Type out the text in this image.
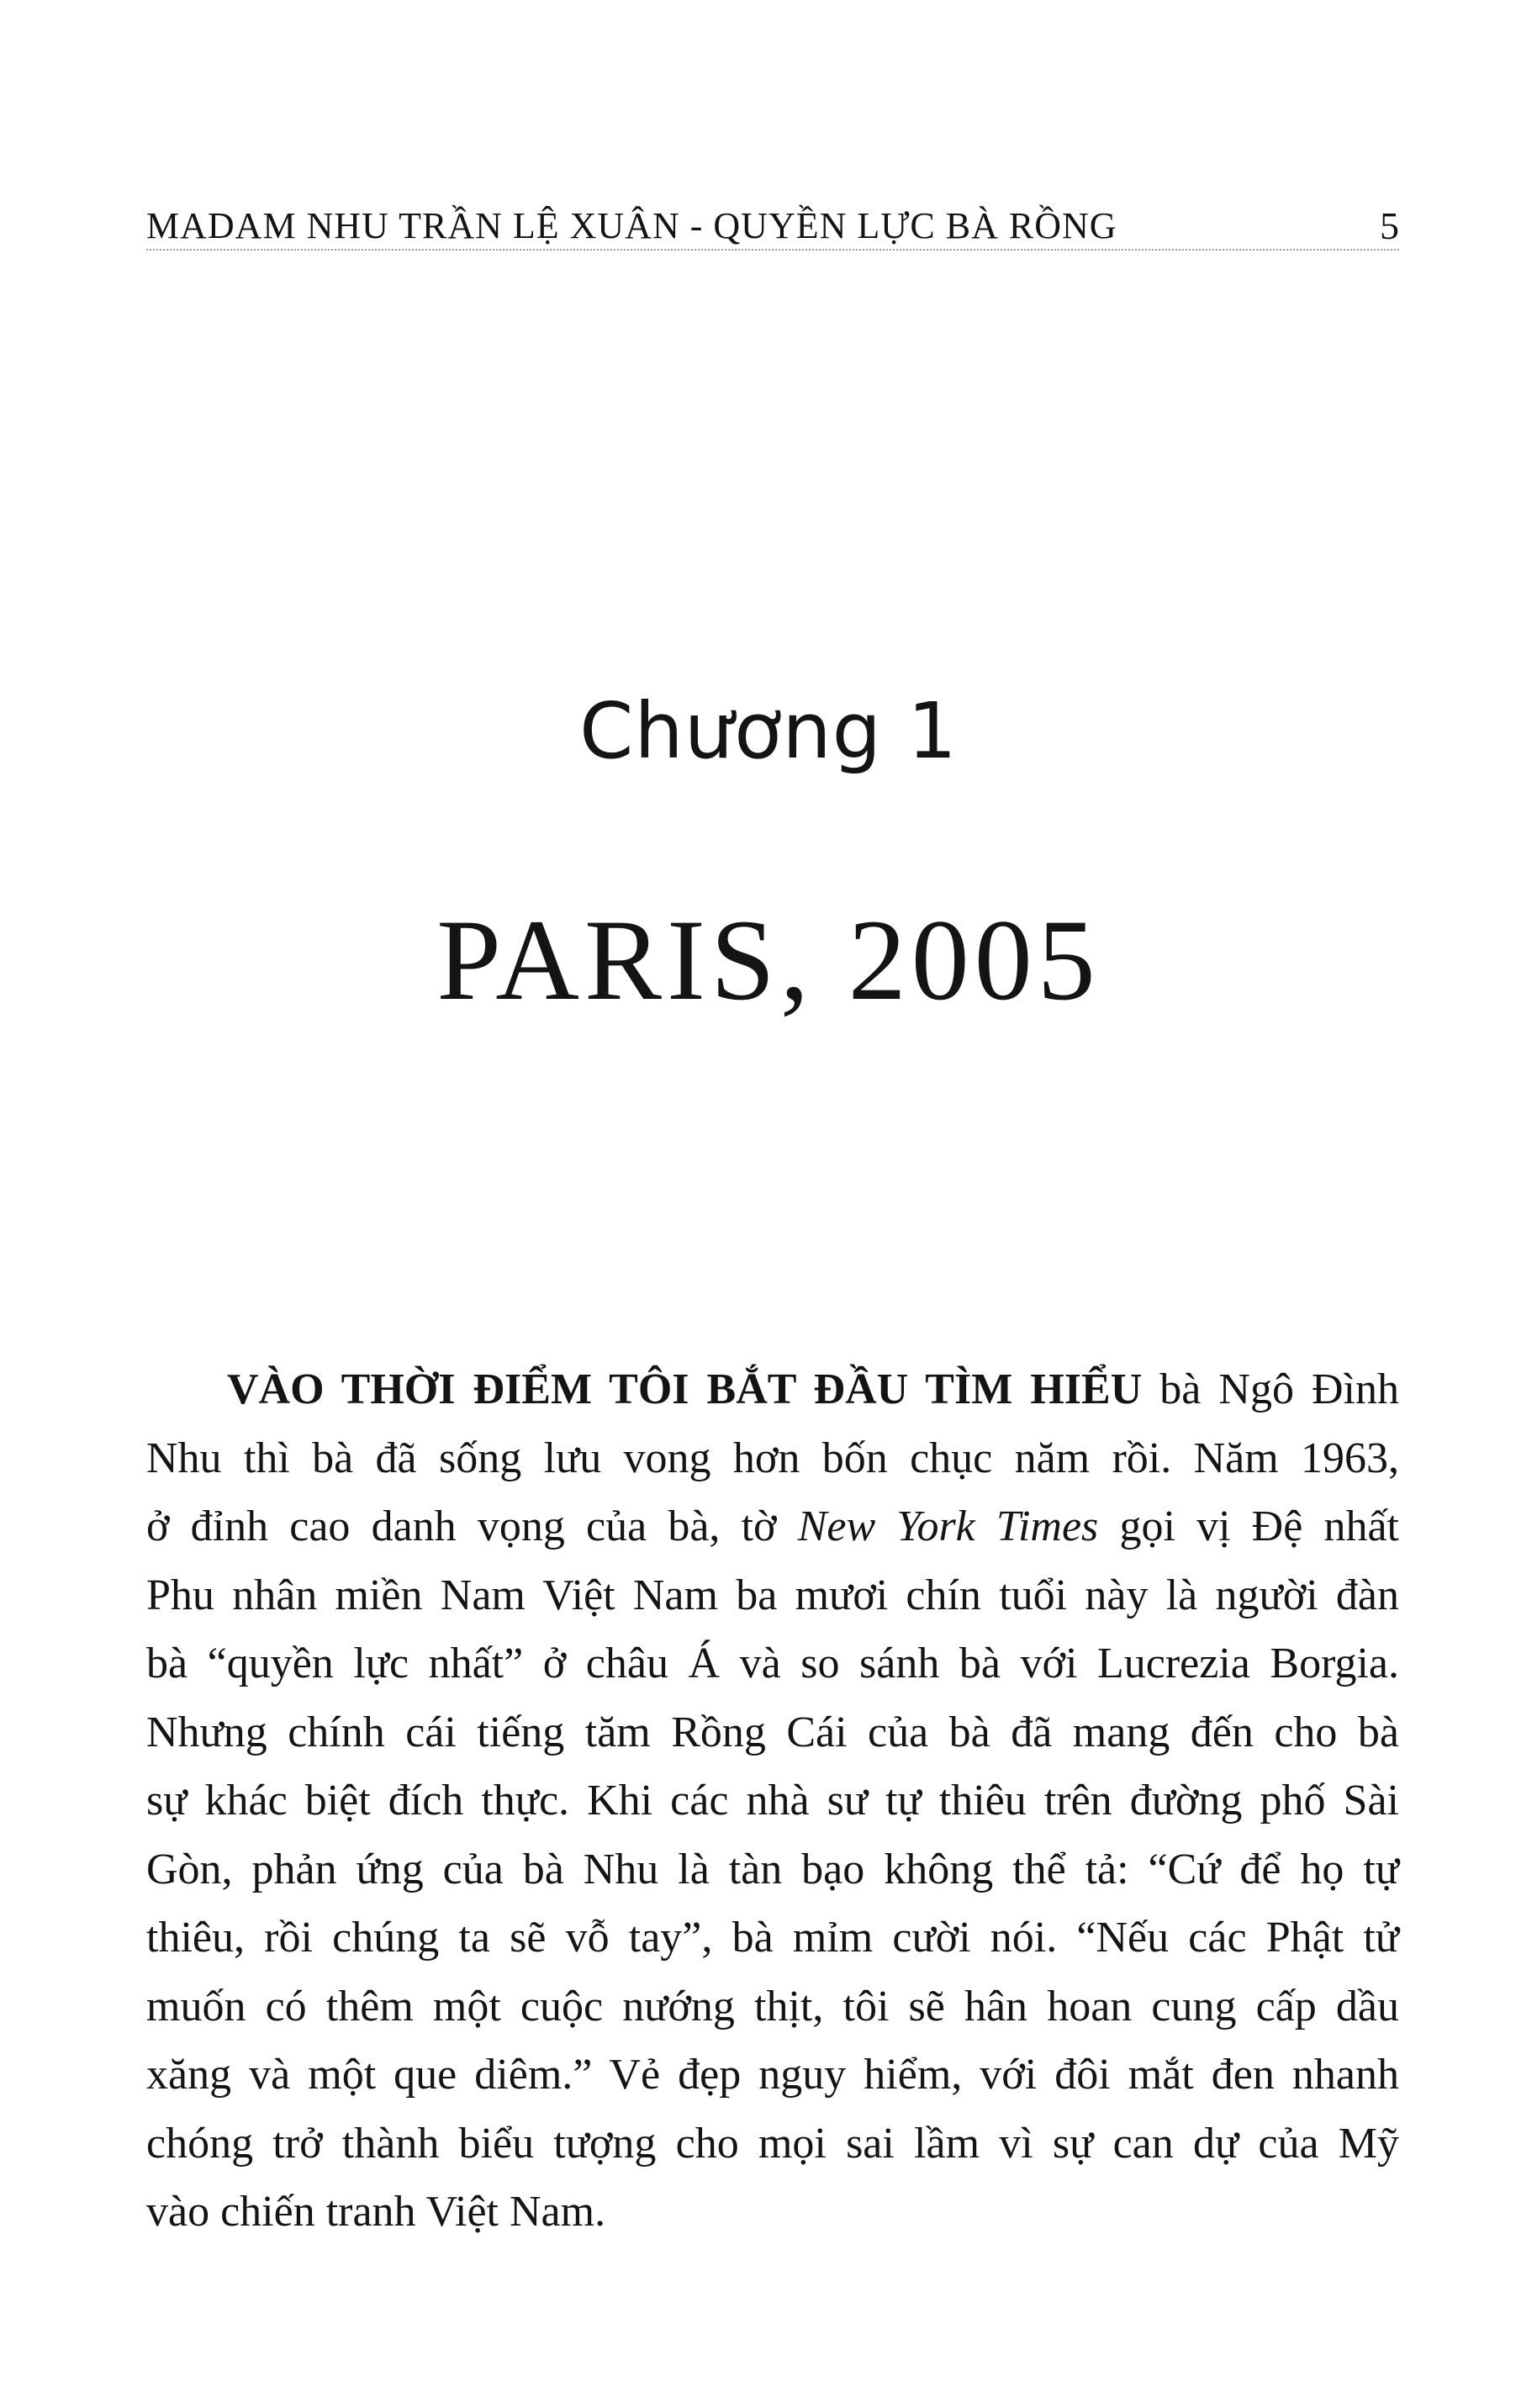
MADAM NHU TRẦN LỆ XUÂN - QUYỀN LỰC BÀ RỒNG	5
Chương 1
PARIS, 2005
VÀO THỜI ĐIỂM TÔI BẮT ĐẦU TÌM HIỂU bà Ngô Đình
Nhu thì bà đã sống lưu vong hơn bốn chục năm rồi. Năm 1963,
ở đỉnh cao danh vọng của bà, tờ New York Times gọi vị Đệ nhất
Phu nhân miền Nam Việt Nam ba mươi chín tuổi này là người đàn
bà “quyền lực nhất” ở châu Á và so sánh bà với Lucrezia Borgia.
Nhưng chính cái tiếng tăm Rồng Cái của bà đã mang đến cho bà
sự khác biệt đích thực. Khi các nhà sư tự thiêu trên đường phố Sài
Gòn, phản ứng của bà Nhu là tàn bạo không thể tả: “Cứ để họ tự
thiêu, rồi chúng ta sẽ vỗ tay”, bà mỉm cười nói. “Nếu các Phật tử
muốn có thêm một cuộc nướng thịt, tôi sẽ hân hoan cung cấp dầu
xăng và một que diêm.” Vẻ đẹp nguy hiểm, với đôi mắt đen nhanh
chóng trở thành biểu tượng cho mọi sai lầm vì sự can dự của Mỹ
vào chiến tranh Việt Nam.
